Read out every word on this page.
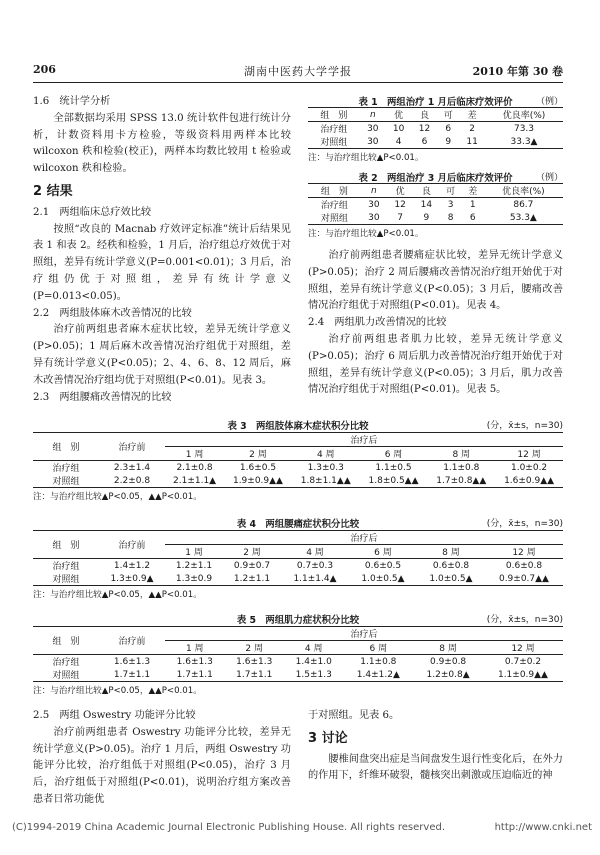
206	湖南中医药大学学报	2010 年第 30 卷

1.6　统计学分析

全部数据均采用 SPSS 13.0 统计软件包进行统计分析，计数资料用卡方检验，等级资料用两样本比较 wilcoxon 秩和检验(校正)，两样本均数比较用 t 检验或 wilcoxon 秩和检验。

2 结果

2.1　两组临床总疗效比较

按照“改良的 Macnab 疗效评定标准”统计后结果见表 1 和表 2。经秩和检验，1 月后，治疗组总疗效优于对照组，差异有统计学意义(P=0.001<0.01)；3 月后，治疗组仍优于对照组，差异有统计学意义(P=0.013<0.05)。

2.2　两组肢体麻木改善情况的比较

治疗前两组患者麻木症状比较，差异无统计学意义(P>0.05)；1 周后麻木改善情况治疗组优于对照组，差异有统计学意义(P<0.05)；2、4、6、8、12 周后，麻木改善情况治疗组均优于对照组(P<0.01)。见表 3。

2.3　两组腰痛改善情况的比较

表 1　两组治疗 1 月后临床疗效评价	（例）
组　别	n	优	良	可	差	优良率(%)
治疗组	30	10	12	6	2	73.3
对照组	30	4	6	9	11	33.3▲
注：与治疗组比较▲P<0.01。
表 2　两组治疗 3 月后临床疗效评价	（例）
组　别	n	优	良	可	差	优良率(%)
治疗组	30	12	14	3	1	86.7
对照组	30	7	9	8	6	53.3▲
注：与治疗组比较▲P<0.01。

治疗前两组患者腰痛症状比较，差异无统计学意义(P>0.05)；治疗 2 周后腰痛改善情况治疗组开始优于对照组，差异有统计学意义(P<0.05)；3 月后，腰痛改善情况治疗组优于对照组(P<0.01)。见表 4。

2.4　两组肌力改善情况的比较

治疗前两组患者肌力比较，差异无统计学意义(P>0.05)；治疗 6 周后肌力改善情况治疗组开始优于对照组，差异有统计学意义(P<0.05)；3 月后，肌力改善情况治疗组优于对照组(P<0.01)。见表 5。

表 3　两组肢体麻木症状积分比较	(分，x̄±s，n=30)
组　别	治疗前	治疗后					
		1 周	2 周	4 周	6 周	8 周	12 周
治疗组	2.3±1.4	2.1±0.8	1.6±0.5	1.3±0.3	1.1±0.5	1.1±0.8	1.0±0.2
对照组	2.2±0.8	2.1±1.1▲	1.9±0.9▲▲	1.8±1.1▲▲	1.8±0.5▲▲	1.7±0.8▲▲	1.6±0.9▲▲
注：与治疗组比较▲P<0.05，▲▲P<0.01。
表 4　两组腰痛症状积分比较	(分，x̄±s，n=30)
组　别	治疗前	治疗后					
		1 周	2 周	4 周	6 周	8 周	12 周
治疗组	1.4±1.2	1.2±1.1	0.9±0.7	0.7±0.3	0.6±0.5	0.6±0.8	0.6±0.8
对照组	1.3±0.9▲	1.3±0.9	1.2±1.1	1.1±1.4▲	1.0±0.5▲	1.0±0.5▲	0.9±0.7▲▲
注：与治疗组比较▲P<0.05，▲▲P<0.01。
表 5　两组肌力症状积分比较	(分，x̄±s，n=30)
组　别	治疗前	治疗后					
		1 周	2 周	4 周	6 周	8 周	12 周
治疗组	1.6±1.3	1.6±1.3	1.6±1.3	1.4±1.0	1.1±0.8	0.9±0.8	0.7±0.2
对照组	1.7±1.1	1.7±1.1	1.7±1.1	1.5±1.3	1.4±1.2▲	1.2±0.8▲	1.1±0.9▲▲
注：与治疗组比较▲P<0.05，▲▲P<0.01。

2.5　两组 Oswestry 功能评分比较

治疗前两组患者 Oswestry 功能评分比较，差异无统计学意义(P>0.05)。治疗 1 月后，两组 Oswestry 功能评分比较，治疗组低于对照组(P<0.05)，治疗 3 月后，治疗组低于对照组(P<0.01)，说明治疗组方案改善患者日常功能优

于对照组。见表 6。

3 讨论

腰椎间盘突出症是当间盘发生退行性变化后，在外力的作用下，纤维环破裂，髓核突出刺激或压迫临近的神

(C)1994-2019 China Academic Journal Electronic Publishing House. All rights reserved.	http://www.cnki.net
